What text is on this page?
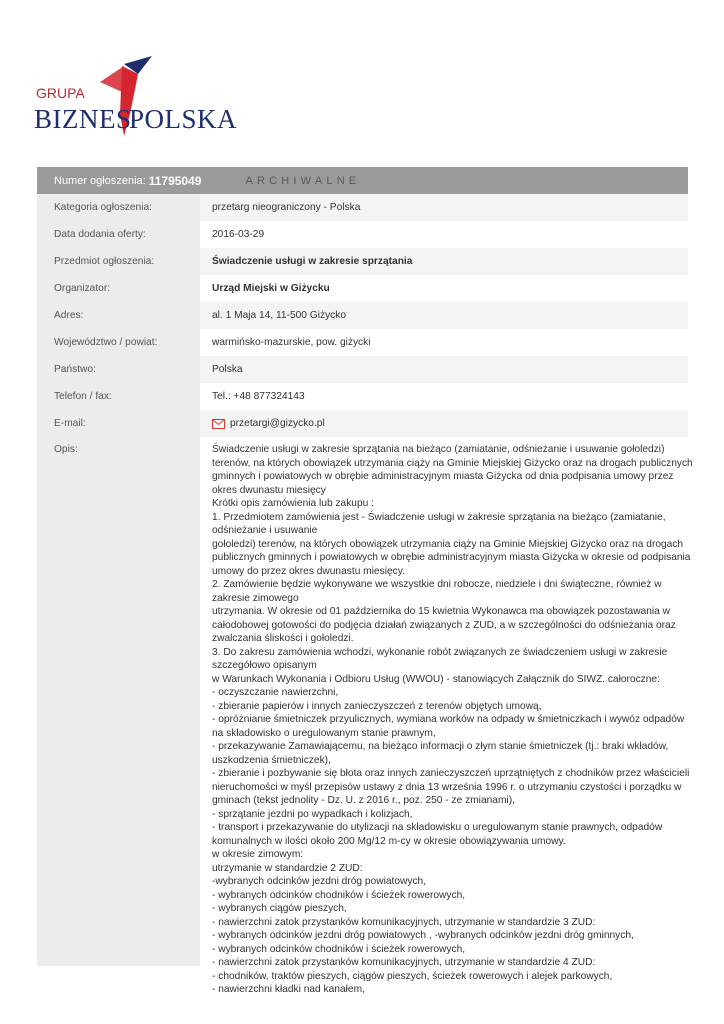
GRUPA
BIZNES
POLSKA
Numer ogłoszenia: 11795049	ARCHIWALNE
Kategoria ogłoszenia:	przetarg nieograniczony - Polska
Data dodania oferty:	2016-03-29
Przedmiot ogłoszenia:	Świadczenie usługi w zakresie sprzątania
Organizator:	Urząd Miejski w Giżycku
Adres:	al. 1 Maja 14, 11-500 Giżycko
Województwo / powiat:	warmińsko-mazurskie, pow. giżycki
Państwo:	Polska
Telefon / fax:	Tel.: +48 877324143
E-mail:	przetargi@gizycko.pl
Opis:	Świadczenie usługi w zakresie sprzątania na bieżąco (zamiatanie, odśnieżanie i usuwanie gołoledzi)
terenów, na których obowiązek utrzymania ciąży na Gminie Miejskiej Giżycko oraz na drogach publicznych
gminnych i powiatowych w obrębie administracyjnym miasta Giżycka od dnia podpisania umowy przez
okres dwunastu miesięcy
Krótki opis zamówienia lub zakupu :
1. Przedmiotem zamówienia jest - Świadczenie usługi w zakresie sprzątania na bieżąco (zamiatanie,
odśnieżanie i usuwanie
gołoledzi) terenów, na których obowiązek utrzymania ciąży na Gminie Miejskiej Giżycko oraz na drogach
publicznych gminnych i powiatowych w obrębie administracyjnym miasta Giżycka w okresie od podpisania
umowy do przez okres dwunastu miesięcy.
2. Zamówienie będzie wykonywane we wszystkie dni robocze, niedziele i dni świąteczne, również w
zakresie zimowego
utrzymania. W okresie od 01 października do 15 kwietnia Wykonawca ma obowiązek pozostawania w
całodobowej gotowości do podjęcia działań związanych z ZUD, a w szczególności do odśnieżania oraz
zwalczania śliskości i gołoledzi.
3. Do zakresu zamówienia wchodzi, wykonanie robót związanych ze świadczeniem usługi w zakresie
szczegółowo opisanym
w Warunkach Wykonania i Odbioru Usług (WWOU) - stanowiących Załącznik do SIWZ. całoroczne:
- oczyszczanie nawierzchni,
- zbieranie papierów i innych zanieczyszczeń z terenów objętych umową,
- opróżnianie śmietniczek przyulicznych, wymiana worków na odpady w śmietniczkach i wywóz odpadów
na składowisko o uregulowanym stanie prawnym,
- przekazywanie Zamawiającemu, na bieżąco informacji o złym stanie śmietniczek (tj.: braki wkładów,
uszkodzenia śmietniczek),
- zbieranie i pozbywanie się błota oraz innych zanieczyszczeń uprzątniętych z chodników przez właścicieli
nieruchomości w myśl przepisów ustawy z dnia 13 września 1996 r. o utrzymaniu czystości i porządku w
gminach (tekst jednolity - Dz. U. z 2016 r., poz. 250 - ze zmianami),
- sprzątanie jezdni po wypadkach i kolizjach,
- transport i przekazywanie do utylizacji na składowisku o uregulowanym stanie prawnych, odpadów
komunalnych w ilości około 200 Mg/12 m-cy w okresie obowiązywania umowy.
w okresie zimowym:
utrzymanie w standardzie 2 ZUD:
-wybranych odcinków jezdni dróg powiatowych,
- wybranych odcinków chodników i ścieżek rowerowych,
- wybranych ciągów pieszych,
- nawierzchni zatok przystanków komunikacyjnych, utrzymanie w standardzie 3 ZUD:
- wybranych odcinków jezdni dróg powiatowych , -wybranych odcinków jezdni dróg gminnych,
- wybranych odcinków chodników i ścieżek rowerowych,
- nawierzchni zatok przystanków komunikacyjnych, utrzymanie w standardzie 4 ZUD:
- chodników, traktów pieszych, ciągów pieszych, ścieżek rowerowych i alejek parkowych,
- nawierzchni kładki nad kanałem,
